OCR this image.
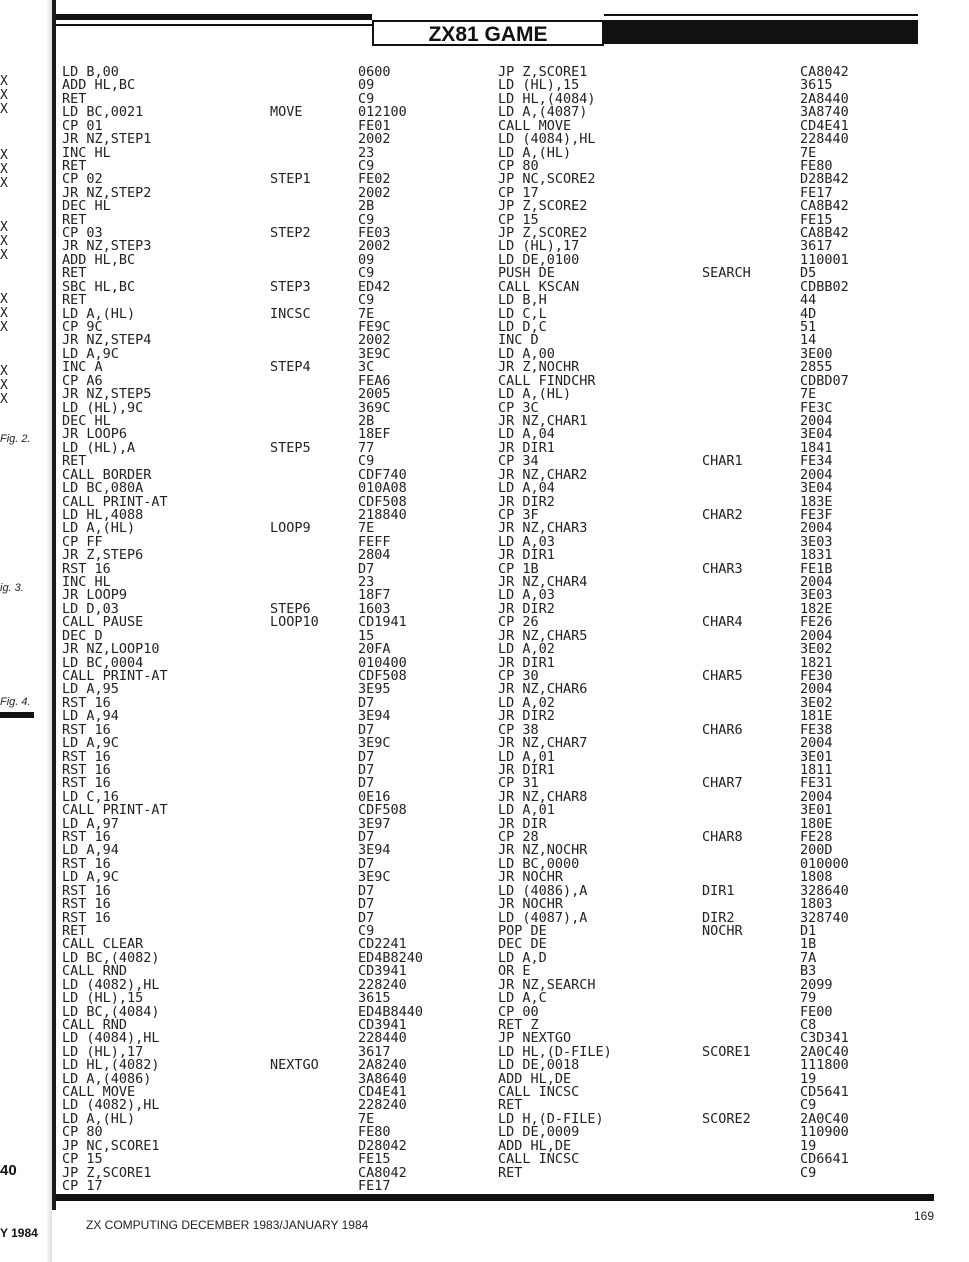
X
X
X
X
X
X
X
X
X
X
X
X
X
X
X
Fig. 2.
ig. 3.
Fig. 4.
40
Y 1984
ZX81 GAME
LD B,00	0600
ADD HL,BC	09
RET	C9
LD BC,0021	MOVE	012100
CP 01	FE01
JR NZ,STEP1	2002
INC HL	23
RET	C9
CP 02	STEP1	FE02
JR NZ,STEP2	2002
DEC HL	2B
RET	C9
CP 03	STEP2	FE03
JR NZ,STEP3	2002
ADD HL,BC	09
RET	C9
SBC HL,BC	STEP3	ED42
RET	C9
LD A,(HL)	INCSC	7E
CP 9C	FE9C
JR NZ,STEP4	2002
LD A,9C	3E9C
INC A	STEP4	3C
CP A6	FEA6
JR NZ,STEP5	2005
LD (HL),9C	369C
DEC HL	2B
JR LOOP6	18EF
LD (HL),A	STEP5	77
RET	C9
CALL BORDER	CDF740
LD BC,080A	010A08
CALL PRINT-AT	CDF508
LD HL,4088	218840
LD A,(HL)	LOOP9	7E
CP FF	FEFF
JR Z,STEP6	2804
RST 16	D7
INC HL	23
JR LOOP9	18F7
LD D,03	STEP6	1603
CALL PAUSE	LOOP10	CD1941
DEC D	15
JR NZ,LOOP10	20FA
LD BC,0004	010400
CALL PRINT-AT	CDF508
LD A,95	3E95
RST 16	D7
LD A,94	3E94
RST 16	D7
LD A,9C	3E9C
RST 16	D7
RST 16	D7
RST 16	D7
LD C,16	0E16
CALL PRINT-AT	CDF508
LD A,97	3E97
RST 16	D7
LD A,94	3E94
RST 16	D7
LD A,9C	3E9C
RST 16	D7
RST 16	D7
RST 16	D7
RET	C9
CALL CLEAR	CD2241
LD BC,(4082)	ED4B8240
CALL RND	CD3941
LD (4082),HL	228240
LD (HL),15	3615
LD BC,(4084)	ED4B8440
CALL RND	CD3941
LD (4084),HL	228440
LD (HL),17	3617
LD HL,(4082)	NEXTGO	2A8240
LD A,(4086)	3A8640
CALL MOVE	CD4E41
LD (4082),HL	228240
LD A,(HL)	7E
CP 80	FE80
JP NC,SCORE1	D28042
CP 15	FE15
JP Z,SCORE1	CA8042
CP 17	FE17
JP Z,SCORE1	CA8042
LD (HL),15	3615
LD HL,(4084)	2A8440
LD A,(4087)	3A8740
CALL MOVE	CD4E41
LD (4084),HL	228440
LD A,(HL)	7E
CP 80	FE80
JP NC,SCORE2	D28B42
CP 17	FE17
JP Z,SCORE2	CA8B42
CP 15	FE15
JP Z,SCORE2	CA8B42
LD (HL),17	3617
LD DE,0100	110001
PUSH DE	SEARCH	D5
CALL KSCAN	CDBB02
LD B,H	44
LD C,L	4D
LD D,C	51
INC D	14
LD A,00	3E00
JR Z,NOCHR	2855
CALL FINDCHR	CDBD07
LD A,(HL)	7E
CP 3C	FE3C
JR NZ,CHAR1	2004
LD A,04	3E04
JR DIR1	1841
CP 34	CHAR1	FE34
JR NZ,CHAR2	2004
LD A,04	3E04
JR DIR2	183E
CP 3F	CHAR2	FE3F
JR NZ,CHAR3	2004
LD A,03	3E03
JR DIR1	1831
CP 1B	CHAR3	FE1B
JR NZ,CHAR4	2004
LD A,03	3E03
JR DIR2	182E
CP 26	CHAR4	FE26
JR NZ,CHAR5	2004
LD A,02	3E02
JR DIR1	1821
CP 30	CHAR5	FE30
JR NZ,CHAR6	2004
LD A,02	3E02
JR DIR2	181E
CP 38	CHAR6	FE38
JR NZ,CHAR7	2004
LD A,01	3E01
JR DIR1	1811
CP 31	CHAR7	FE31
JR NZ,CHAR8	2004
LD A,01	3E01
JR DIR	180E
CP 28	CHAR8	FE28
JR NZ,NOCHR	200D
LD BC,0000	010000
JR NOCHR	1808
LD (4086),A	DIR1	328640
JR NOCHR	1803
LD (4087),A	DIR2	328740
POP DE	NOCHR	D1
DEC DE	1B
LD A,D	7A
OR E	B3
JR NZ,SEARCH	2099
LD A,C	79
CP 00	FE00
RET Z	C8
JP NEXTGO	C3D341
LD HL,(D-FILE)	SCORE1	2A0C40
LD DE,0018	111800
ADD HL,DE	19
CALL INCSC	CD5641
RET	C9
LD H,(D-FILE)	SCORE2	2A0C40
LD DE,0009	110900
ADD HL,DE	19
CALL INCSC	CD6641
RET	C9
ZX COMPUTING DECEMBER 1983/JANUARY 1984
169
